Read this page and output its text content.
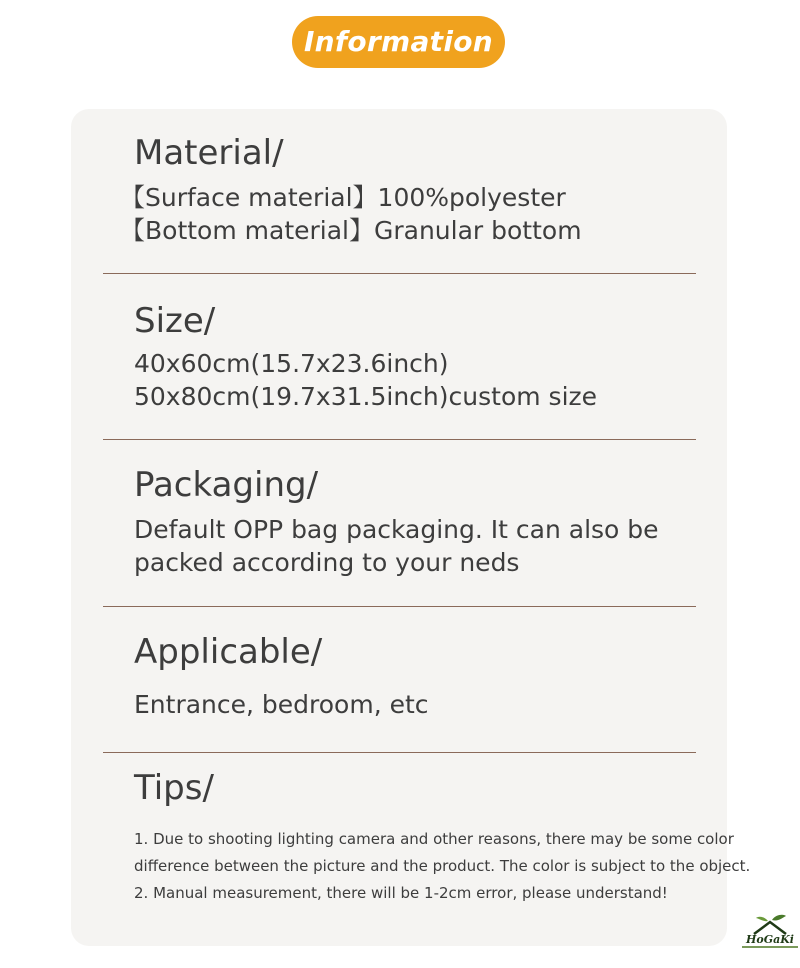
Information
Material/
【Surface material】100%polyester
【Bottom material】Granular bottom
Size/
40x60cm(15.7x23.6inch)
50x80cm(19.7x31.5inch)custom size
Packaging/
Default OPP bag packaging. It can also be
packed according to your neds
Applicable/
Entrance, bedroom, etc
Tips/
1. Due to shooting lighting camera and other reasons, there may be some color
difference between the picture and the product. The color is subject to the object.
2. Manual measurement, there will be 1-2cm error, please understand!
HoGaKi
